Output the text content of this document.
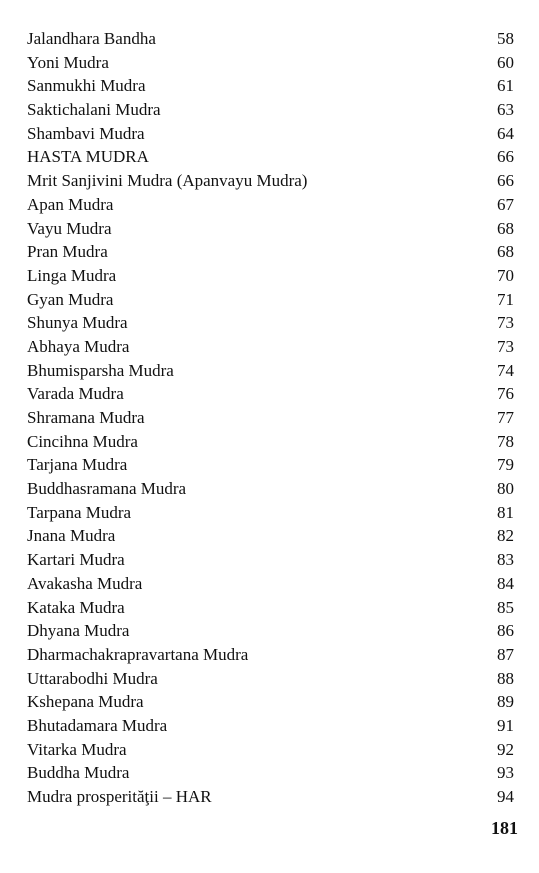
Jalandhara Bandha	58
Yoni Mudra	60
Sanmukhi Mudra	61
Saktichalani Mudra	63
Shambavi Mudra	64
HASTA MUDRA	66
Mrit Sanjivini Mudra (Apanvayu Mudra)	66
Apan Mudra	67
Vayu Mudra	68
Pran Mudra	68
Linga Mudra	70
Gyan Mudra	71
Shunya Mudra	73
Abhaya Mudra	73
Bhumisparsha Mudra	74
Varada Mudra	76
Shramana Mudra	77
Cincihna Mudra	78
Tarjana Mudra	79
Buddhasramana Mudra	80
Tarpana Mudra	81
Jnana Mudra	82
Kartari Mudra	83
Avakasha Mudra	84
Kataka Mudra	85
Dhyana Mudra	86
Dharmachakrapravartana Mudra	87
Uttarabodhi Mudra	88
Kshepana Mudra	89
Bhutadamara Mudra	91
Vitarka Mudra	92
Buddha Mudra	93
Mudra prosperităţii – HAR	94
181
